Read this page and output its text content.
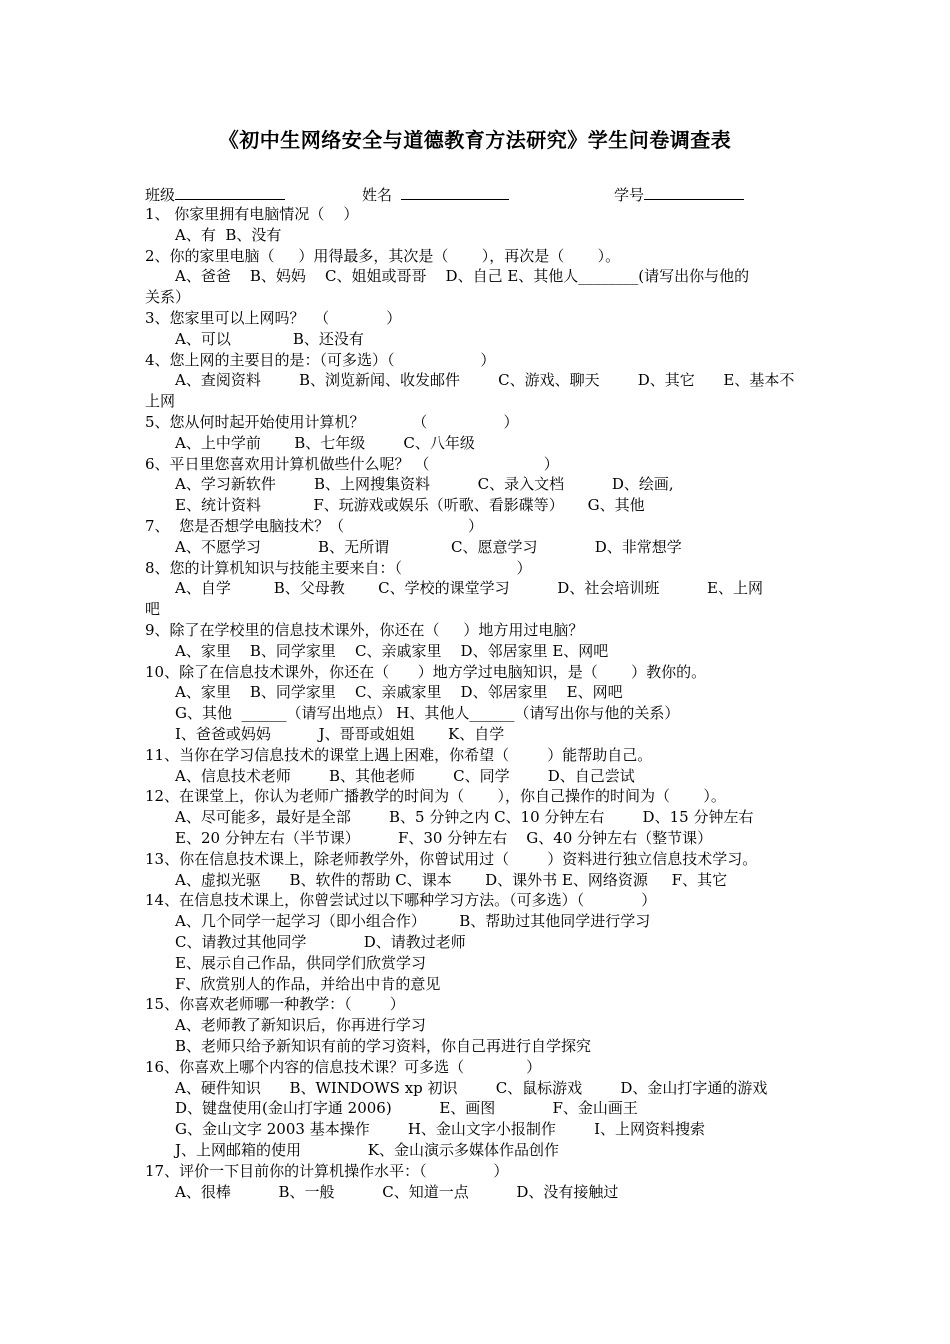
《初中生网络安全与道德教育方法研究》学生问卷调查表
班级	姓名	学号
1、 你家里拥有电脑情况（    ）
A、有  B、没有
2、你的家里电脑（     ）用得最多，其次是（       ），再次是（       ）。
A、爸爸    B、妈妈    C、姐姐或哥哥    D、自己 E、其他人________(请写出你与他的
关系）
3、您家里可以上网吗？  （            ）
A、可以             B、还没有
4、您上网的主要目的是：（可多选）（                  ）
A、查阅资料        B、浏览新闻、收发邮件        C、游戏、聊天        D、其它      E、基本不
上网
5、您从何时起开始使用计算机？          （                ）
A、上中学前       B、七年级        C、八年级
6、平日里您喜欢用计算机做些什么呢？ （                        ）
A、学习新软件        B、上网搜集资料          C、录入文档          D、绘画,
E、统计资料           F、玩游戏或娱乐（听歌、看影碟等）     G、其他
7、  您是否想学电脑技术？（                          ）
A、不愿学习            B、无所谓             C、愿意学习            D、非常想学
8、您的计算机知识与技能主要来自：（                        ）
A、自学         B、父母教       C、学校的课堂学习          D、社会培训班          E、上网
吧
9、除了在学校里的信息技术课外，你还在（     ）地方用过电脑？
A、家里    B、同学家里    C、亲戚家里    D、邻居家里 E、网吧
10、除了在信息技术课外，你还在（      ）地方学过电脑知识，是（       ）教你的。
A、家里    B、同学家里    C、亲戚家里    D、邻居家里    E、网吧
G、其他  ______（请写出地点） H、其他人______（请写出你与他的关系）
I、爸爸或妈妈          J、哥哥或姐姐       K、自学
11、当你在学习信息技术的课堂上遇上困难，你希望（        ）能帮助自己。
A、信息技术老师        B、其他老师        C、同学        D、自己尝试
12、在课堂上，你认为老师广播教学的时间为（       ），你自己操作的时间为（       ）。
A、尽可能多，最好是全部        B、5 分钟之内 C、10 分钟左右        D、15 分钟左右
E、20 分钟左右（半节课）        F、30 分钟左右    G、40 分钟左右（整节课）
13、你在信息技术课上，除老师教学外，你曾试用过（        ）资料进行独立信息技术学习。
A、虚拟光驱      B、软件的帮助 C、课本       D、课外书 E、网络资源     F、其它
14、在信息技术课上，你曾尝试过以下哪种学习方法。（可多选）（            ）
A、几个同学一起学习（即小组合作）       B、帮助过其他同学进行学习
C、请教过其他同学            D、请教过老师
E、展示自己作品，供同学们欣赏学习
F、欣赏别人的作品，并给出中肯的意见
15、你喜欢老师哪一种教学：（        ）
A、老师教了新知识后，你再进行学习
B、老师只给予新知识有前的学习资料，你自己再进行自学探究
16、你喜欢上哪个内容的信息技术课？可多选（             ）
A、硬件知识      B、WINDOWS xp 初识        C、鼠标游戏        D、金山打字通的游戏
D、键盘使用(金山打字通 2006)          E、画图            F、金山画王
G、金山文字 2003 基本操作        H、金山文字小报制作        I、上网资料搜索
J、上网邮箱的使用              K、金山演示多媒体作品创作
17、评价一下目前你的计算机操作水平：（              ）
A、很棒          B、一般          C、知道一点          D、没有接触过
